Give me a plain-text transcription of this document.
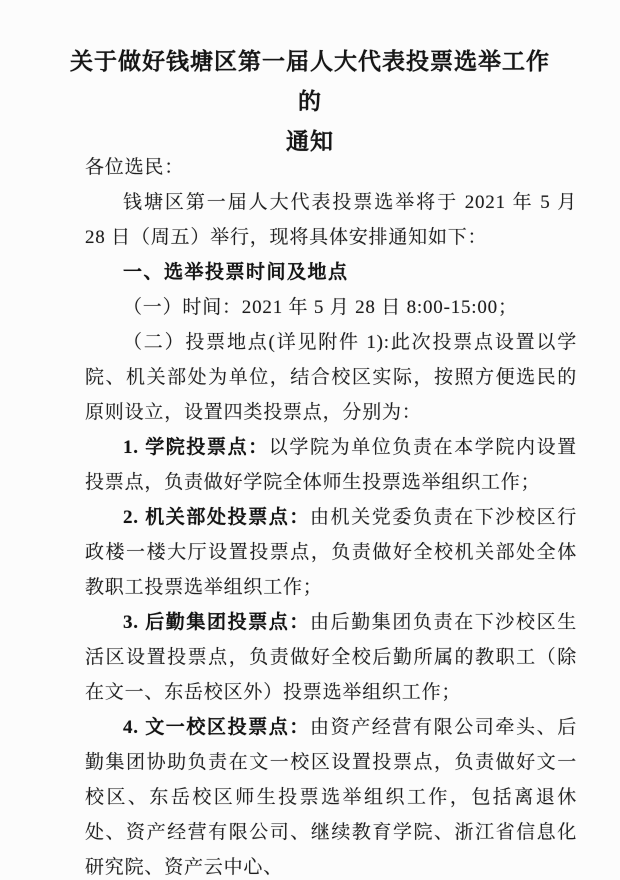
关于做好钱塘区第一届人大代表投票选举工作的
通知

各位选民：

钱塘区第一届人大代表投票选举将于 2021 年 5 月 28 日（周五）举行，现将具体安排通知如下：

一、选举投票时间及地点

（一）时间：2021 年 5 月 28 日 8:00-15:00；

（二）投票地点(详见附件 1):此次投票点设置以学院、机关部处为单位，结合校区实际，按照方便选民的原则设立，设置四类投票点，分别为：

1. 学院投票点：以学院为单位负责在本学院内设置投票点，负责做好学院全体师生投票选举组织工作；

2. 机关部处投票点：由机关党委负责在下沙校区行政楼一楼大厅设置投票点，负责做好全校机关部处全体教职工投票选举组织工作；

3. 后勤集团投票点：由后勤集团负责在下沙校区生活区设置投票点，负责做好全校后勤所属的教职工（除在文一、东岳校区外）投票选举组织工作；

4. 文一校区投票点：由资产经营有限公司牵头、后勤集团协助负责在文一校区设置投票点，负责做好文一校区、东岳校区师生投票选举组织工作，包括离退休处、资产经营有限公司、继续教育学院、浙江省信息化研究院、资产云中心、
